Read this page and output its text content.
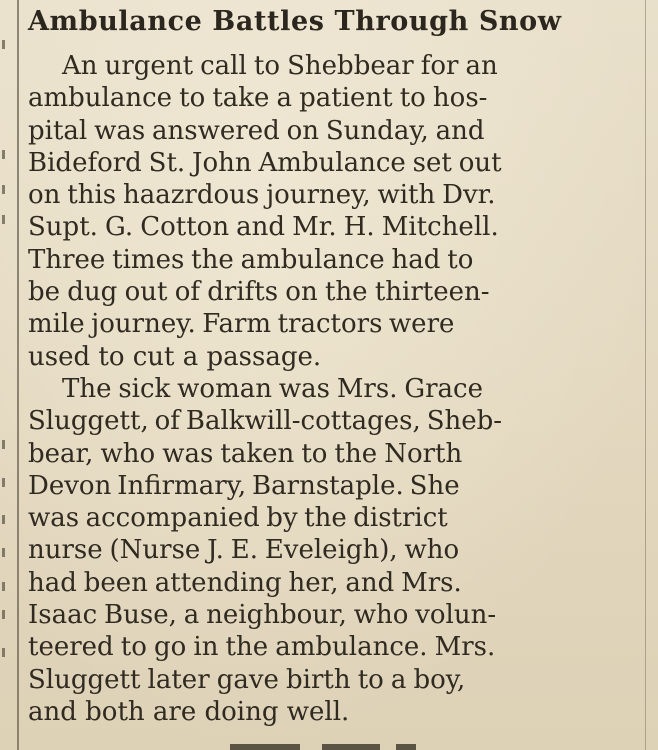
Ambulance Battles Through Snow
An urgent call to Shebbear for an
ambulance to take a patient to hos-
pital was answered on Sunday, and
Bideford St. John Ambulance set out
on this haazrdous journey, with Dvr.
Supt. G. Cotton and Mr. H. Mitchell.
Three times the ambulance had to
be dug out of drifts on the thirteen-
mile journey. Farm tractors were
used to cut a passage.
The sick woman was Mrs. Grace
Sluggett, of Balkwill-cottages, Sheb-
bear, who was taken to the North
Devon Infirmary, Barnstaple. She
was accompanied by the district
nurse (Nurse J. E. Eveleigh), who
had been attending her, and Mrs.
Isaac Buse, a neighbour, who volun-
teered to go in the ambulance. Mrs.
Sluggett later gave birth to a boy,
and both are doing well.
